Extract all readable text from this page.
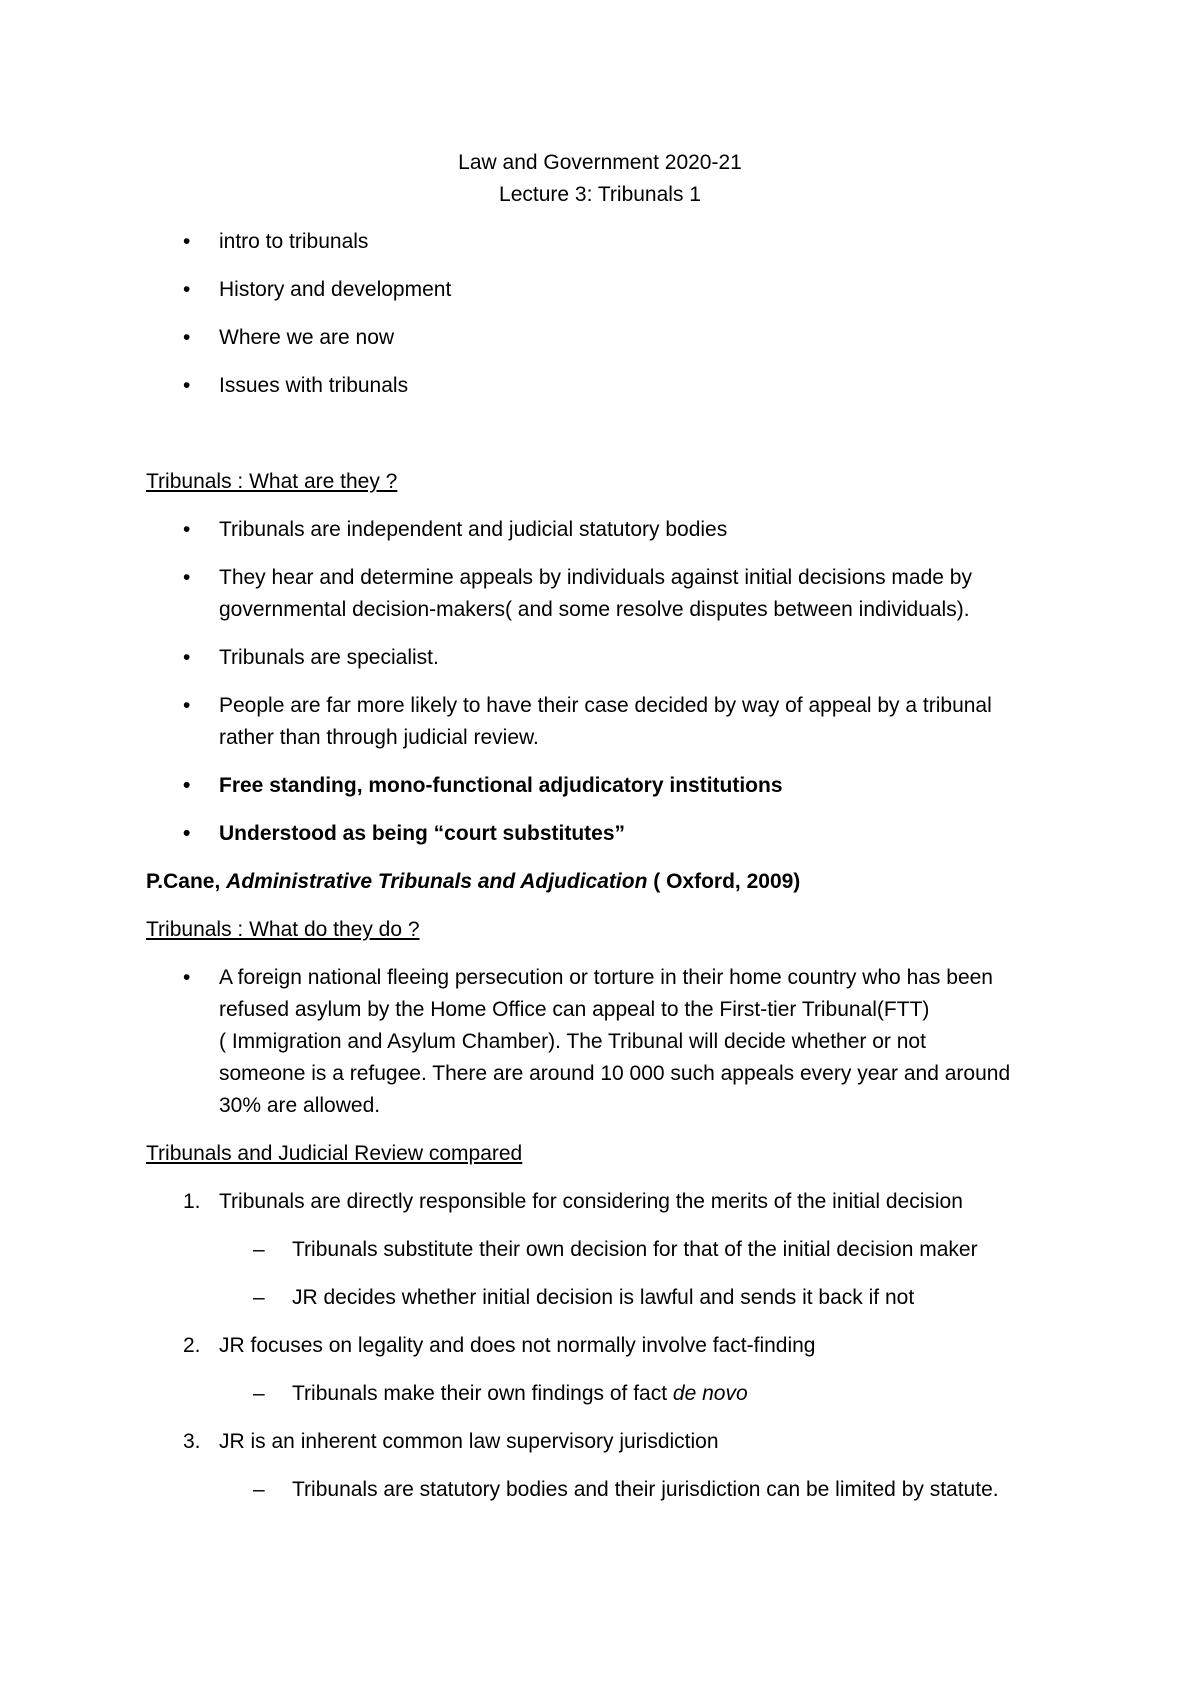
Law and Government 2020-21
Lecture 3: Tribunals 1
• intro to tribunals
• History and development
• Where we are now
• Issues with tribunals
Tribunals : What are they ?
• Tribunals are independent and judicial statutory bodies
• They hear and determine appeals by individuals against initial decisions made by
governmental decision-makers( and some resolve disputes between individuals).
• Tribunals are specialist.
• People are far more likely to have their case decided by way of appeal by a tribunal
rather than through judicial review.
• Free standing, mono-functional adjudicatory institutions
• Understood as being “court substitutes”
P.Cane, Administrative Tribunals and Adjudication ( Oxford, 2009)
Tribunals : What do they do ?
• A foreign national fleeing persecution or torture in their home country who has been
refused asylum by the Home Office can appeal to the First-tier Tribunal(FTT)
( Immigration and Asylum Chamber). The Tribunal will decide whether or not
someone is a refugee. There are around 10 000 such appeals every year and around
30% are allowed.
Tribunals and Judicial Review compared
1. Tribunals are directly responsible for considering the merits of the initial decision
– Tribunals substitute their own decision for that of the initial decision maker
– JR decides whether initial decision is lawful and sends it back if not
2. JR focuses on legality and does not normally involve fact-finding
– Tribunals make their own findings of fact de novo
3. JR is an inherent common law supervisory jurisdiction
– Tribunals are statutory bodies and their jurisdiction can be limited by statute.
